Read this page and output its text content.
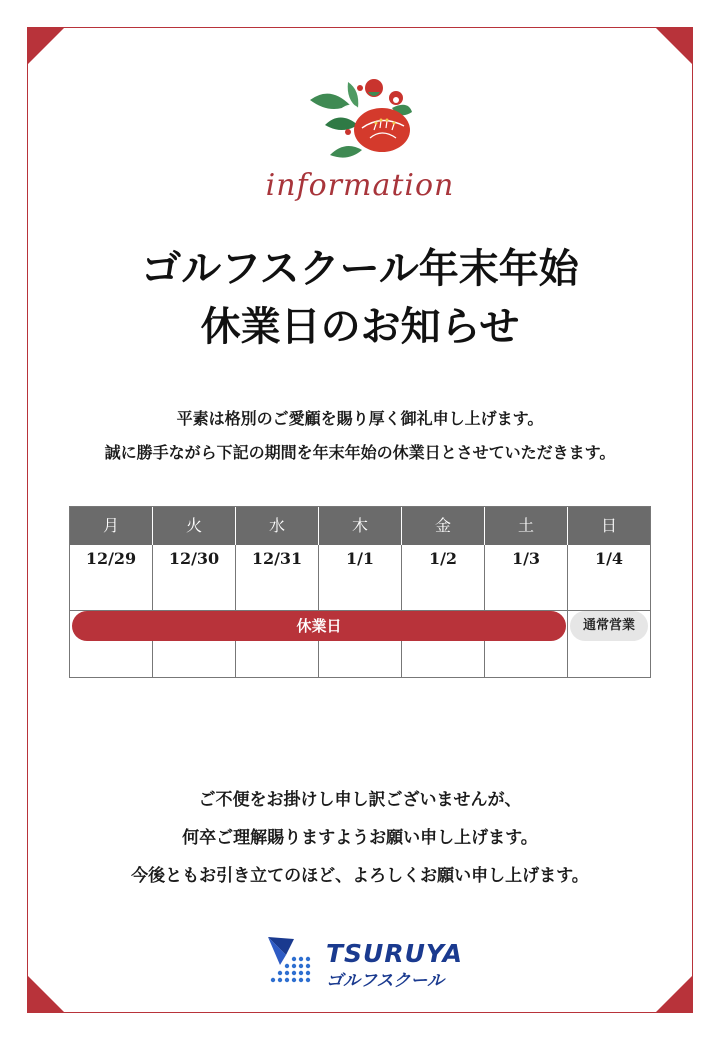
information
ゴルフスクール年末年始
休業日のお知らせ
平素は格別のご愛顧を賜り厚く御礼申し上げます。
誠に勝手ながら下記の期間を年末年始の休業日とさせていただきます。
月	火	水	木	金	土	日
12/29	12/30	12/31	1/1	1/2	1/3	1/4
休業日	通常営業
ご不便をお掛けし申し訳ございませんが、
何卒ご理解賜りますようお願い申し上げます。
今後ともお引き立てのほど、よろしくお願い申し上げます。
TSURUYA
ゴルフスクール
